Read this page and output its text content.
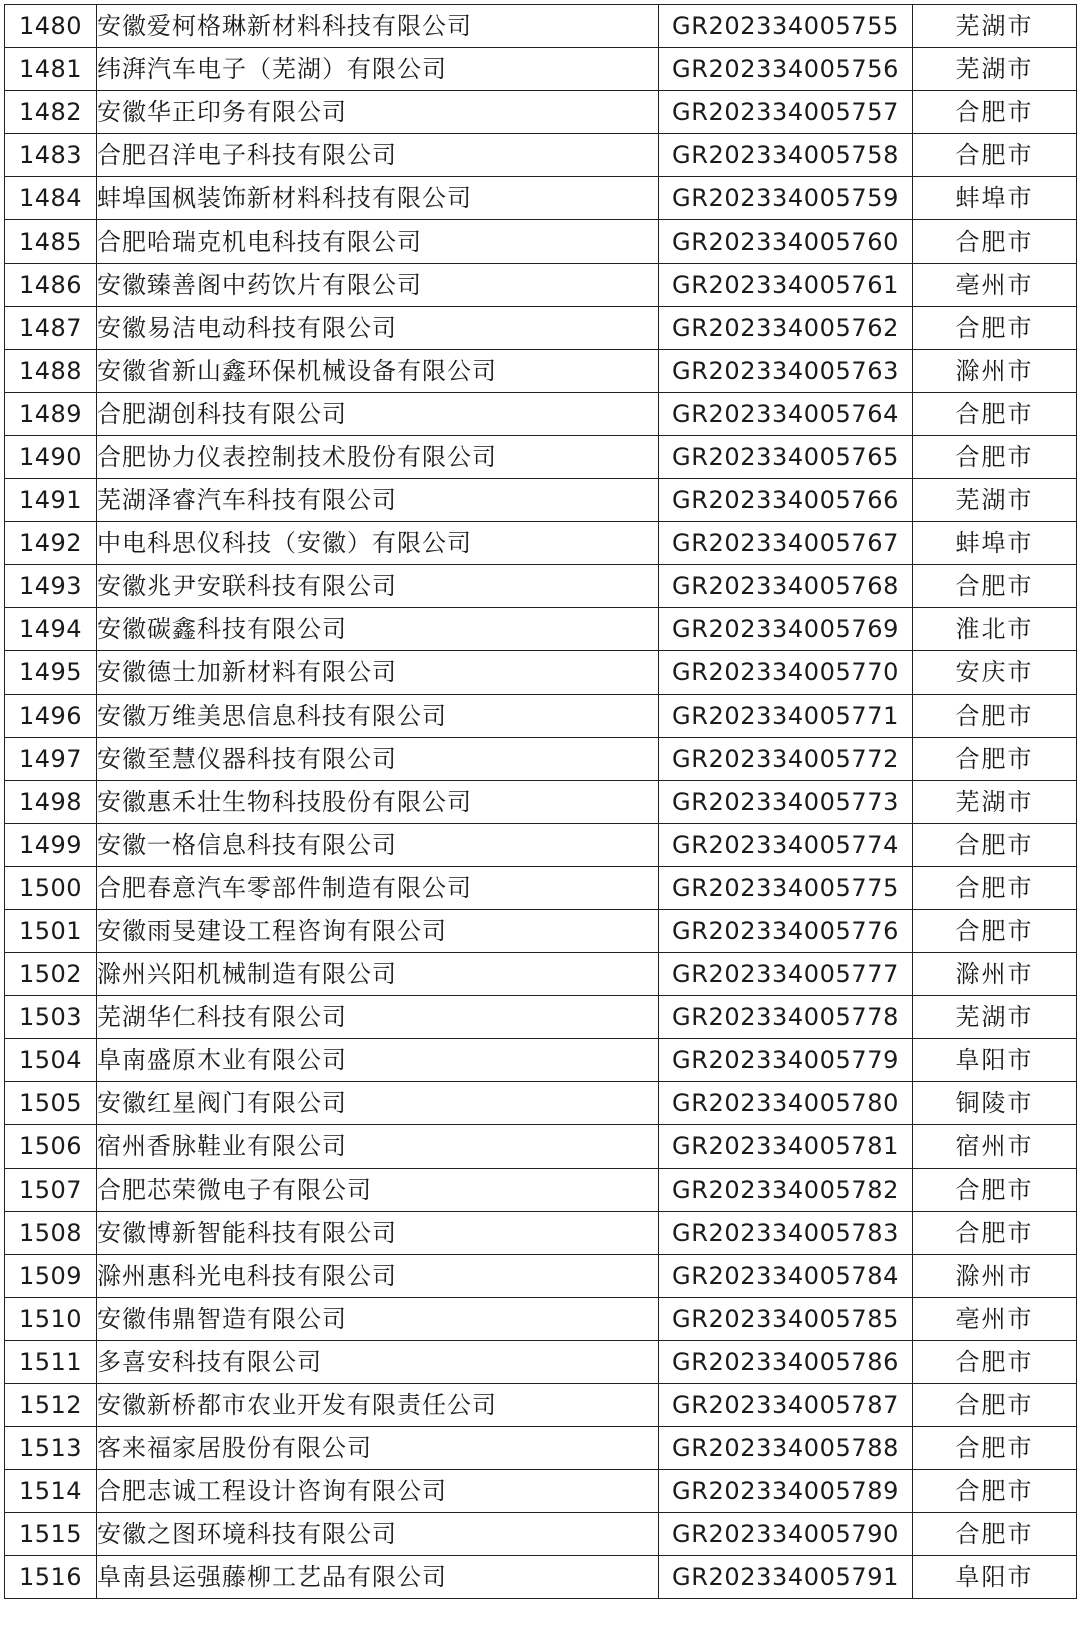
1480	安徽爱柯格琳新材料科技有限公司	GR202334005755	芜湖市
1481	纬湃汽车电子（芜湖）有限公司	GR202334005756	芜湖市
1482	安徽华正印务有限公司	GR202334005757	合肥市
1483	合肥召洋电子科技有限公司	GR202334005758	合肥市
1484	蚌埠国枫装饰新材料科技有限公司	GR202334005759	蚌埠市
1485	合肥哈瑞克机电科技有限公司	GR202334005760	合肥市
1486	安徽臻善阁中药饮片有限公司	GR202334005761	亳州市
1487	安徽易洁电动科技有限公司	GR202334005762	合肥市
1488	安徽省新山鑫环保机械设备有限公司	GR202334005763	滁州市
1489	合肥湖创科技有限公司	GR202334005764	合肥市
1490	合肥协力仪表控制技术股份有限公司	GR202334005765	合肥市
1491	芜湖泽睿汽车科技有限公司	GR202334005766	芜湖市
1492	中电科思仪科技（安徽）有限公司	GR202334005767	蚌埠市
1493	安徽兆尹安联科技有限公司	GR202334005768	合肥市
1494	安徽碳鑫科技有限公司	GR202334005769	淮北市
1495	安徽德士加新材料有限公司	GR202334005770	安庆市
1496	安徽万维美思信息科技有限公司	GR202334005771	合肥市
1497	安徽至慧仪器科技有限公司	GR202334005772	合肥市
1498	安徽惠禾壮生物科技股份有限公司	GR202334005773	芜湖市
1499	安徽一格信息科技有限公司	GR202334005774	合肥市
1500	合肥春意汽车零部件制造有限公司	GR202334005775	合肥市
1501	安徽雨旻建设工程咨询有限公司	GR202334005776	合肥市
1502	滁州兴阳机械制造有限公司	GR202334005777	滁州市
1503	芜湖华仁科技有限公司	GR202334005778	芜湖市
1504	阜南盛原木业有限公司	GR202334005779	阜阳市
1505	安徽红星阀门有限公司	GR202334005780	铜陵市
1506	宿州香脉鞋业有限公司	GR202334005781	宿州市
1507	合肥芯荣微电子有限公司	GR202334005782	合肥市
1508	安徽博新智能科技有限公司	GR202334005783	合肥市
1509	滁州惠科光电科技有限公司	GR202334005784	滁州市
1510	安徽伟鼎智造有限公司	GR202334005785	亳州市
1511	多喜安科技有限公司	GR202334005786	合肥市
1512	安徽新桥都市农业开发有限责任公司	GR202334005787	合肥市
1513	客来福家居股份有限公司	GR202334005788	合肥市
1514	合肥志诚工程设计咨询有限公司	GR202334005789	合肥市
1515	安徽之图环境科技有限公司	GR202334005790	合肥市
1516	阜南县运强藤柳工艺品有限公司	GR202334005791	阜阳市
